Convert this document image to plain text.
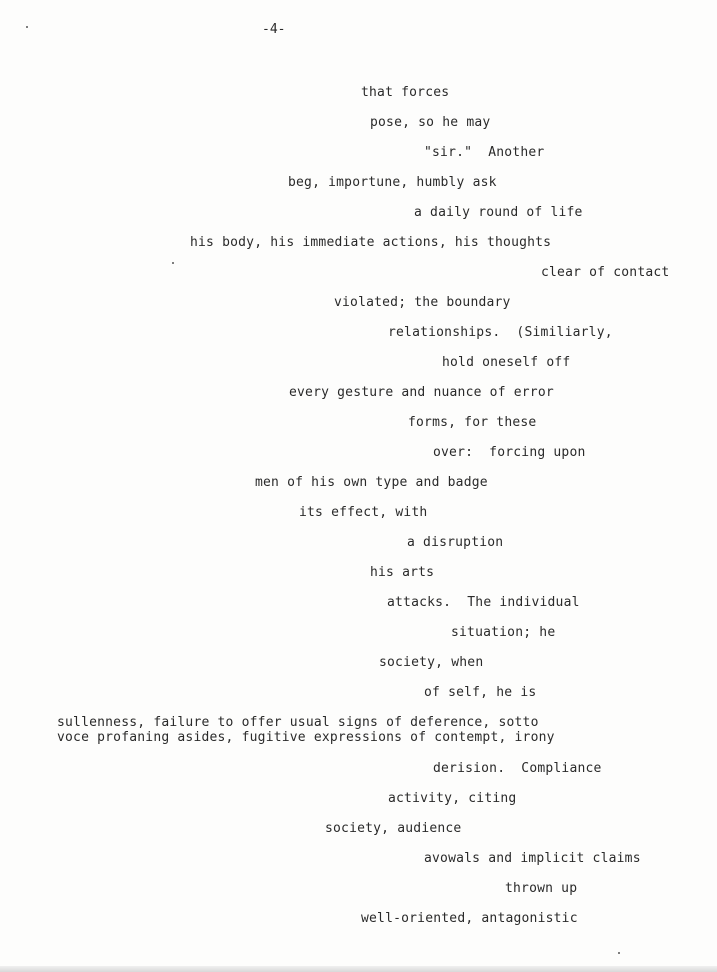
-4-
that forces
pose, so he may
"sir."  Another
beg, importune, humbly ask
a daily round of life
his body, his immediate actions, his thoughts
clear of contact
violated; the boundary
relationships.  (Similiarly,
hold oneself off
every gesture and nuance of error
forms, for these
over:  forcing upon
men of his own type and badge
its effect, with
a disruption
his arts
attacks.  The individual
situation; he
society, when
of self, he is
sullenness, failure to offer usual signs of deference, sotto
voce profaning asides, fugitive expressions of contempt, irony
derision.  Compliance
activity, citing
society, audience
avowals and implicit claims
thrown up
well-oriented, antagonistic
